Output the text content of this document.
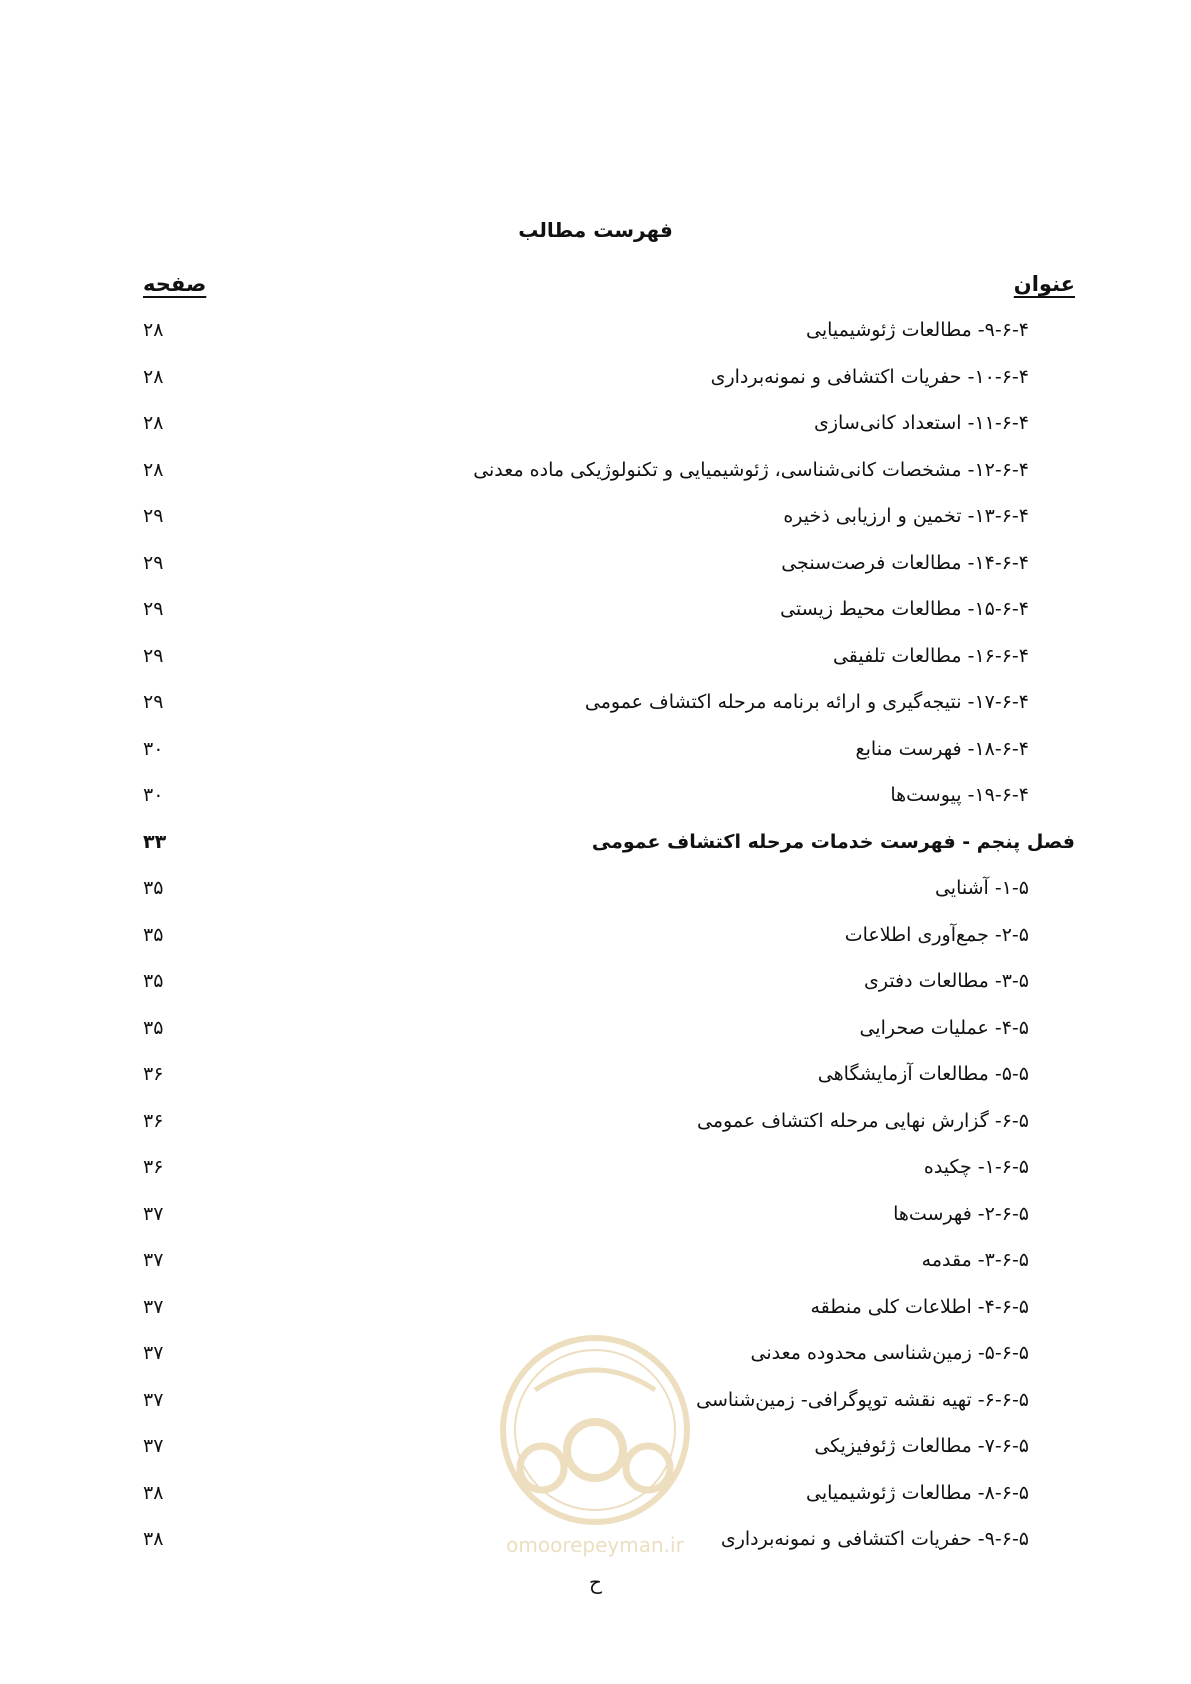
فهرست مطالب
عنوان
صفحه
۹-۶-۴- مطالعات ژئوشیمیایی
۲۸
۱۰-۶-۴- حفریات اکتشافی و نمونه‌برداری
۲۸
۱۱-۶-۴- استعداد کانی‌سازی
۲۸
۱۲-۶-۴- مشخصات کانی‌شناسی، ژئوشیمیایی و تکنولوژیکی ماده معدنی
۲۸
۱۳-۶-۴- تخمین و ارزیابی ذخیره
۲۹
۱۴-۶-۴- مطالعات فرصت‌سنجی
۲۹
۱۵-۶-۴- مطالعات محیط زیستی
۲۹
۱۶-۶-۴- مطالعات تلفیقی
۲۹
۱۷-۶-۴- نتیجه‌گیری و ارائه برنامه مرحله اکتشاف عمومی
۲۹
۱۸-۶-۴- فهرست منابع
۳۰
۱۹-۶-۴- پیوست‌ها
۳۰
فصل پنجم - فهرست خدمات مرحله اکتشاف عمومی
۳۳
۱-۵- آشنایی
۳۵
۲-۵- جمع‌آوری اطلاعات
۳۵
۳-۵- مطالعات دفتری
۳۵
۴-۵- عملیات صحرایی
۳۵
۵-۵- مطالعات آزمایشگاهی
۳۶
۶-۵- گزارش نهایی مرحله اکتشاف عمومی
۳۶
۱-۶-۵- چکیده
۳۶
۲-۶-۵- فهرست‌ها
۳۷
۳-۶-۵- مقدمه
۳۷
۴-۶-۵- اطلاعات کلی منطقه
۳۷
۵-۶-۵- زمین‌شناسی محدوده معدنی
۳۷
۶-۶-۵- تهیه نقشه توپوگرافی- زمین‌شناسی
۳۷
۷-۶-۵- مطالعات ژئوفیزیکی
۳۷
۸-۶-۵- مطالعات ژئوشیمیایی
۳۸
۹-۶-۵- حفریات اکتشافی و نمونه‌برداری
۳۸	omoorepeyman.ir
ح
